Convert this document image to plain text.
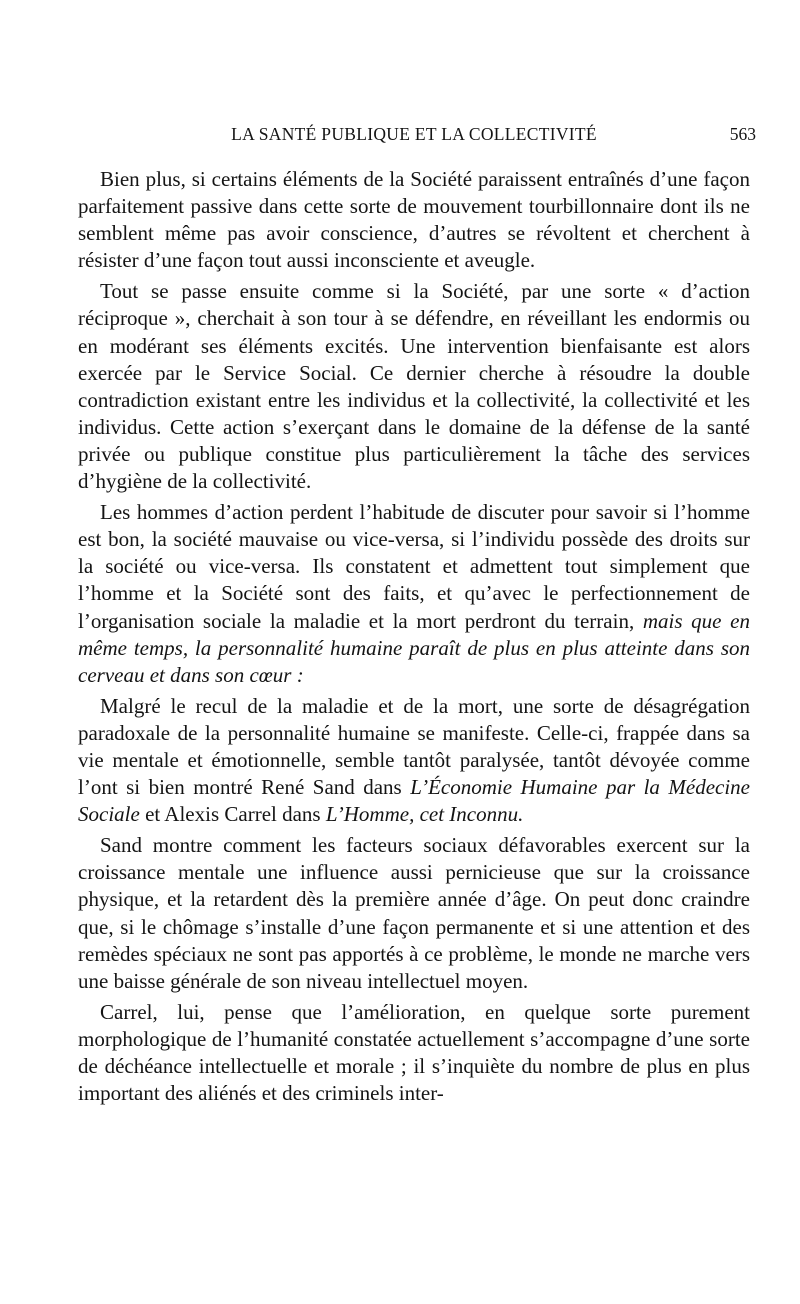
LA SANTÉ PUBLIQUE ET LA COLLECTIVITÉ	563

Bien plus, si certains éléments de la Société paraissent entraînés d’une façon parfaitement passive dans cette sorte de mouvement tourbillonnaire dont ils ne semblent même pas avoir conscience, d’autres se révoltent et cherchent à résister d’une façon tout aussi inconsciente et aveugle.

Tout se passe ensuite comme si la Société, par une sorte « d’action réciproque », cherchait à son tour à se défendre, en réveillant les endormis ou en modérant ses éléments excités. Une intervention bienfaisante est alors exercée par le Service Social. Ce dernier cherche à résoudre la double contradiction existant entre les individus et la collectivité, la collectivité et les individus. Cette action s’exerçant dans le domaine de la défense de la santé privée ou publique constitue plus particulièrement la tâche des services d’hygiène de la collectivité.

Les hommes d’action perdent l’habitude de discuter pour savoir si l’homme est bon, la société mauvaise ou vice-versa, si l’individu possède des droits sur la société ou vice-versa. Ils constatent et admettent tout simplement que l’homme et la Société sont des faits, et qu’avec le perfectionnement de l’organisation sociale la maladie et la mort perdront du terrain, mais que en même temps, la personnalité humaine paraît de plus en plus atteinte dans son cerveau et dans son cœur :

Malgré le recul de la maladie et de la mort, une sorte de désagrégation paradoxale de la personnalité humaine se manifeste. Celle-ci, frappée dans sa vie mentale et émotionnelle, semble tantôt paralysée, tantôt dévoyée comme l’ont si bien montré René Sand dans L’Économie Humaine par la Médecine Sociale et Alexis Carrel dans L’Homme, cet Inconnu.

Sand montre comment les facteurs sociaux défavorables exercent sur la croissance mentale une influence aussi pernicieuse que sur la croissance physique, et la retardent dès la première année d’âge. On peut donc craindre que, si le chômage s’installe d’une façon permanente et si une attention et des remèdes spéciaux ne sont pas apportés à ce problème, le monde ne marche vers une baisse générale de son niveau intellectuel moyen.

Carrel, lui, pense que l’amélioration, en quelque sorte purement morphologique de l’humanité constatée actuellement s’accompagne d’une sorte de déchéance intellectuelle et morale ; il s’inquiète du nombre de plus en plus important des aliénés et des criminels inter-
